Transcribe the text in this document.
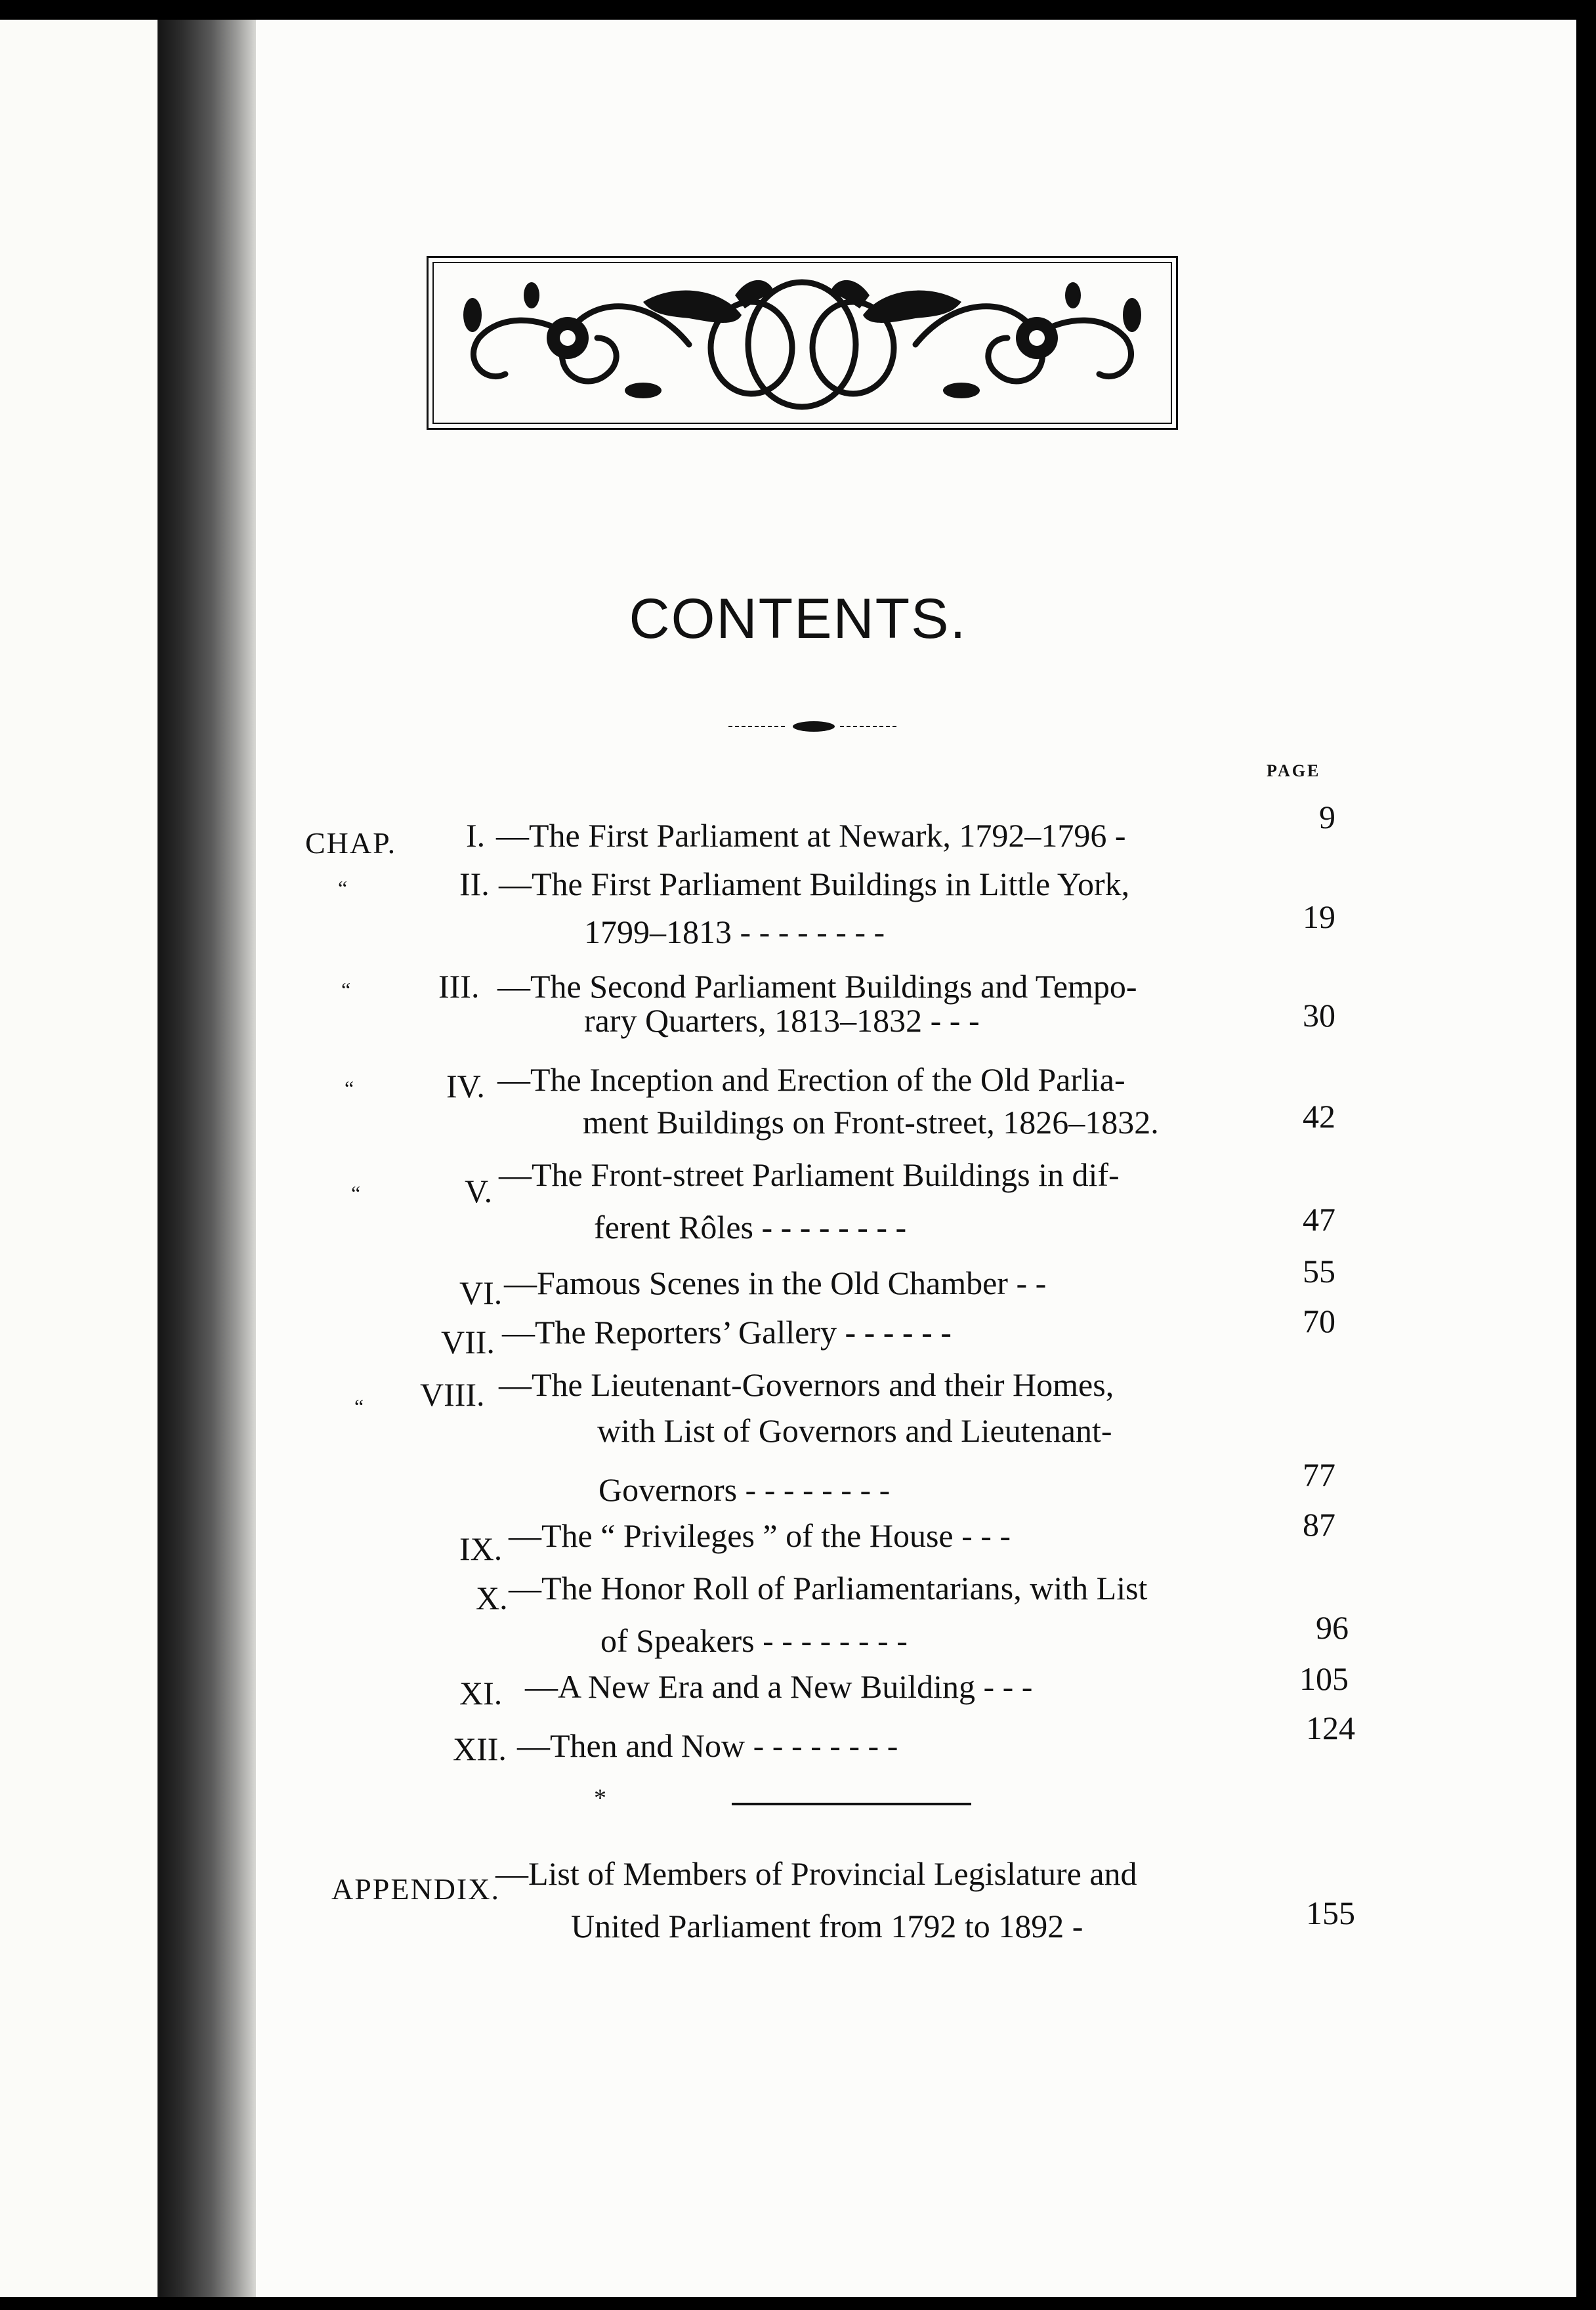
CONTENTS.
PAGE
CHAP. I. —The First Parliament at Newark, 1792–1796 -	9
“	II. —The First Parliament Buildings in Little York,
1799–1813 - - - - - - - -	19
“	III. —The Second Parliament Buildings and Tempo-
rary Quarters, 1813–1832 - - -	30
“	IV. —The Inception and Erection of the Old Parlia-
ment Buildings on Front-street, 1826–1832.	42
“	V. —The Front-street Parliament Buildings in dif-
ferent Rôles - - - - - - - -	47
VI. —Famous Scenes in the Old Chamber - -	55
VII. —The Reporters’ Gallery - - - - - -	70
“ VIII. —The Lieutenant-Governors and their Homes,
with List of Governors and Lieutenant-
Governors - - - - - - - -	77
IX. —The “ Privileges ” of the House - - -	87
X. —The Honor Roll of Parliamentarians, with List
of Speakers - - - - - - - -	96
XI. —A New Era and a New Building - - -	105
XII. —Then and Now - - - - - - - -	124
*
APPENDIX.
—List of Members of Provincial Legislature and
United Parliament from 1792 to 1892 -	155
